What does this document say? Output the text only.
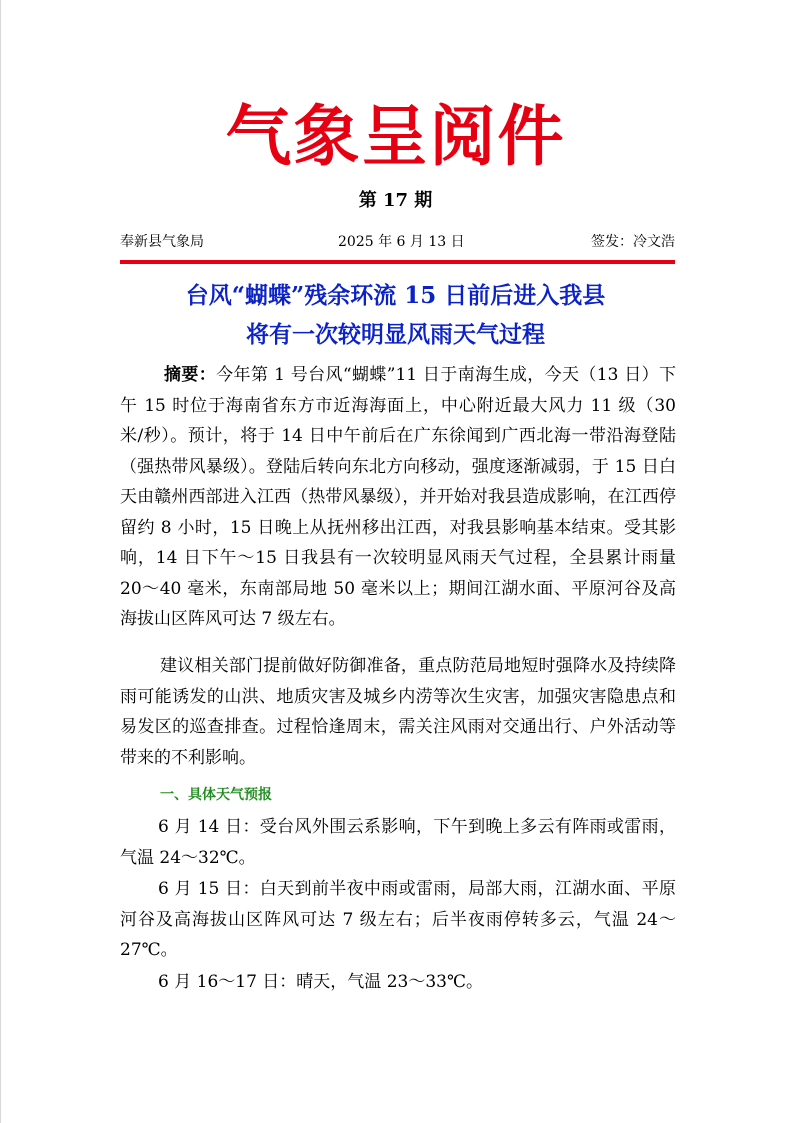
气象呈阅件
第 17 期
奉新县气象局	2025 年 6 月 13 日	签发：冷文浩
台风“蝴蝶”残余环流 15 日前后进入我县
将有一次较明显风雨天气过程
摘要：今年第 1 号台风“蝴蝶”11 日于南海生成，今天（13 日）下午 15 时位于海南省东方市近海海面上，中心附近最大风力 11 级（30 米/秒）。预计，将于 14 日中午前后在广东徐闻到广西北海一带沿海登陆（强热带风暴级）。登陆后转向东北方向移动，强度逐渐减弱，于 15 日白天由赣州西部进入江西（热带风暴级），并开始对我县造成影响，在江西停留约 8 小时，15 日晚上从抚州移出江西，对我县影响基本结束。受其影响，14 日下午～15 日我县有一次较明显风雨天气过程，全县累计雨量 20～40 毫米，东南部局地 50 毫米以上；期间江湖水面、平原河谷及高海拔山区阵风可达 7 级左右。
建议相关部门提前做好防御准备，重点防范局地短时强降水及持续降雨可能诱发的山洪、地质灾害及城乡内涝等次生灾害，加强灾害隐患点和易发区的巡查排查。过程恰逢周末，需关注风雨对交通出行、户外活动等带来的不利影响。
一、具体天气预报
6 月 14 日：受台风外围云系影响，下午到晚上多云有阵雨或雷雨，气温 24～32℃。
6 月 15 日：白天到前半夜中雨或雷雨，局部大雨，江湖水面、平原河谷及高海拔山区阵风可达 7 级左右；后半夜雨停转多云，气温 24～27℃。
6 月 16～17 日：晴天，气温 23～33℃。
